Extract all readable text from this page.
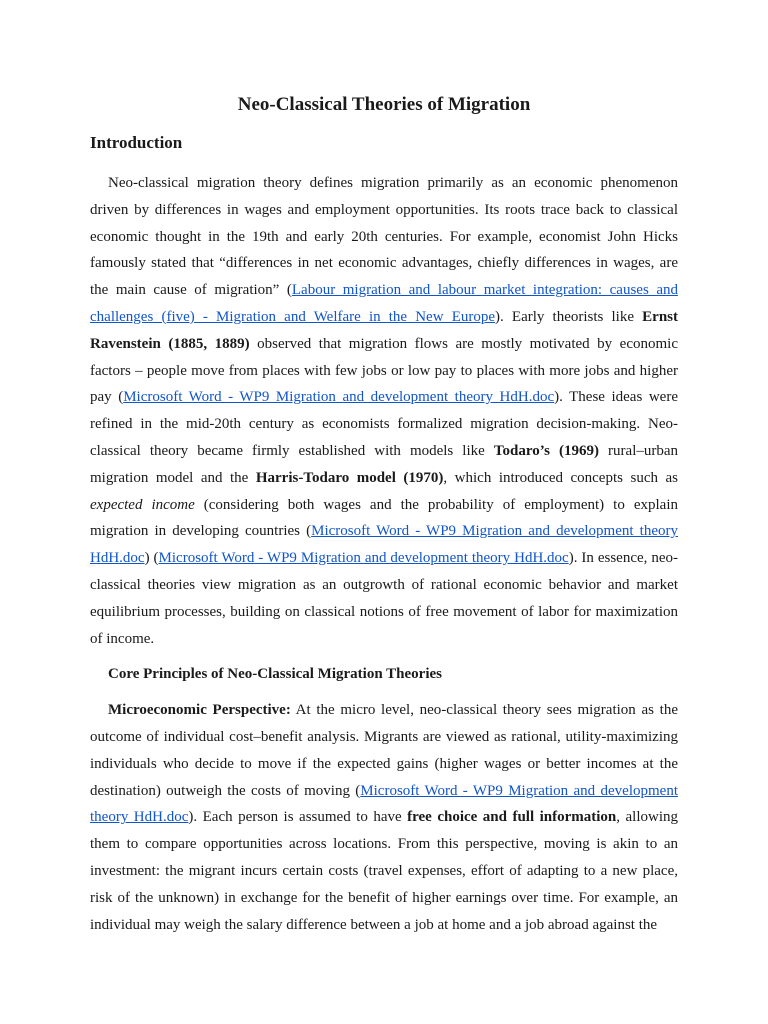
Neo-Classical Theories of Migration
Introduction

Neo-classical migration theory defines migration primarily as an economic phenomenon driven by differences in wages and employment opportunities. Its roots trace back to classical economic thought in the 19th and early 20th centuries. For example, economist John Hicks famously stated that “differences in net economic advantages, chiefly differences in wages, are the main cause of migration” (Labour migration and labour market integration: causes and challenges (five) - Migration and Welfare in the New Europe). Early theorists like Ernst Ravenstein (1885, 1889) observed that migration flows are mostly motivated by economic factors – people move from places with few jobs or low pay to places with more jobs and higher pay (Microsoft Word - WP9 Migration and development theory HdH.doc). These ideas were refined in the mid-20th century as economists formalized migration decision-making. Neo-classical theory became firmly established with models like Todaro’s (1969) rural–urban migration model and the Harris-Todaro model (1970), which introduced concepts such as expected income (considering both wages and the probability of employment) to explain migration in developing countries (Microsoft Word - WP9 Migration and development theory HdH.doc) (Microsoft Word - WP9 Migration and development theory HdH.doc). In essence, neo-classical theories view migration as an outgrowth of rational economic behavior and market equilibrium processes, building on classical notions of free movement of labor for maximization of income.

Core Principles of Neo-Classical Migration Theories

Microeconomic Perspective: At the micro level, neo-classical theory sees migration as the outcome of individual cost–benefit analysis. Migrants are viewed as rational, utility-maximizing individuals who decide to move if the expected gains (higher wages or better incomes at the destination) outweigh the costs of moving (Microsoft Word - WP9 Migration and development theory HdH.doc). Each person is assumed to have free choice and full information, allowing them to compare opportunities across locations. From this perspective, moving is akin to an investment: the migrant incurs certain costs (travel expenses, effort of adapting to a new place, risk of the unknown) in exchange for the benefit of higher earnings over time. For example, an individual may weigh the salary difference between a job at home and a job abroad against the
